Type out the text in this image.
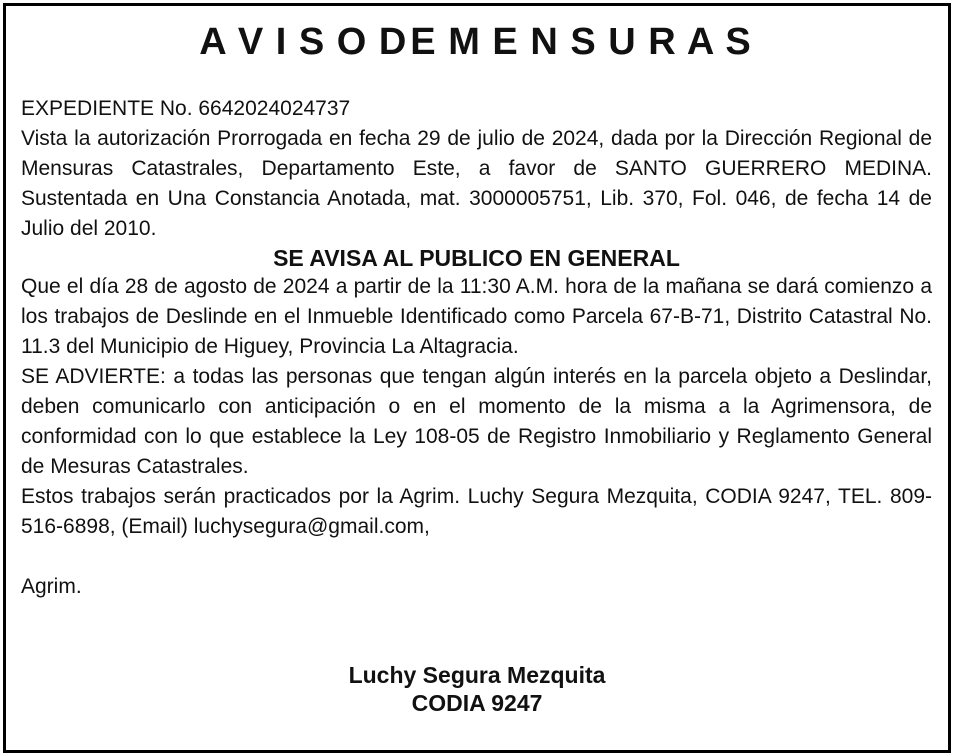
A V I S O DE M E N S U R A S

EXPEDIENTE No. 6642024024737

Vista la autorización Prorrogada en fecha 29 de julio de 2024, dada por la Dirección Regional de Mensuras Catastrales, Departamento Este, a favor de SANTO GUERRERO MEDINA. Sustentada en Una Constancia Anotada, mat. 3000005751, Lib. 370, Fol. 046, de fecha 14 de Julio del 2010.

SE AVISA AL PUBLICO EN GENERAL

Que el día 28 de agosto de 2024 a partir de la 11:30 A.M. hora de la mañana se dará comienzo a los trabajos de Deslinde en el Inmueble Identificado como Parcela 67-B-71, Distrito Catastral No. 11.3 del Municipio de Higuey, Provincia La Altagracia.

SE ADVIERTE: a todas las personas que tengan algún interés en la parcela objeto a Deslindar, deben comunicarlo con anticipación o en el momento de la misma a la Agrimensora, de conformidad con lo que establece la Ley 108-05 de Registro Inmobiliario y Reglamento General de Mesuras Catastrales.

Estos trabajos serán practicados por la Agrim. Luchy Segura Mezquita, CODIA 9247, TEL. 809-516-6898, (Email) luchysegura@gmail.com,

Agrim.

Luchy Segura Mezquita
CODIA 9247
